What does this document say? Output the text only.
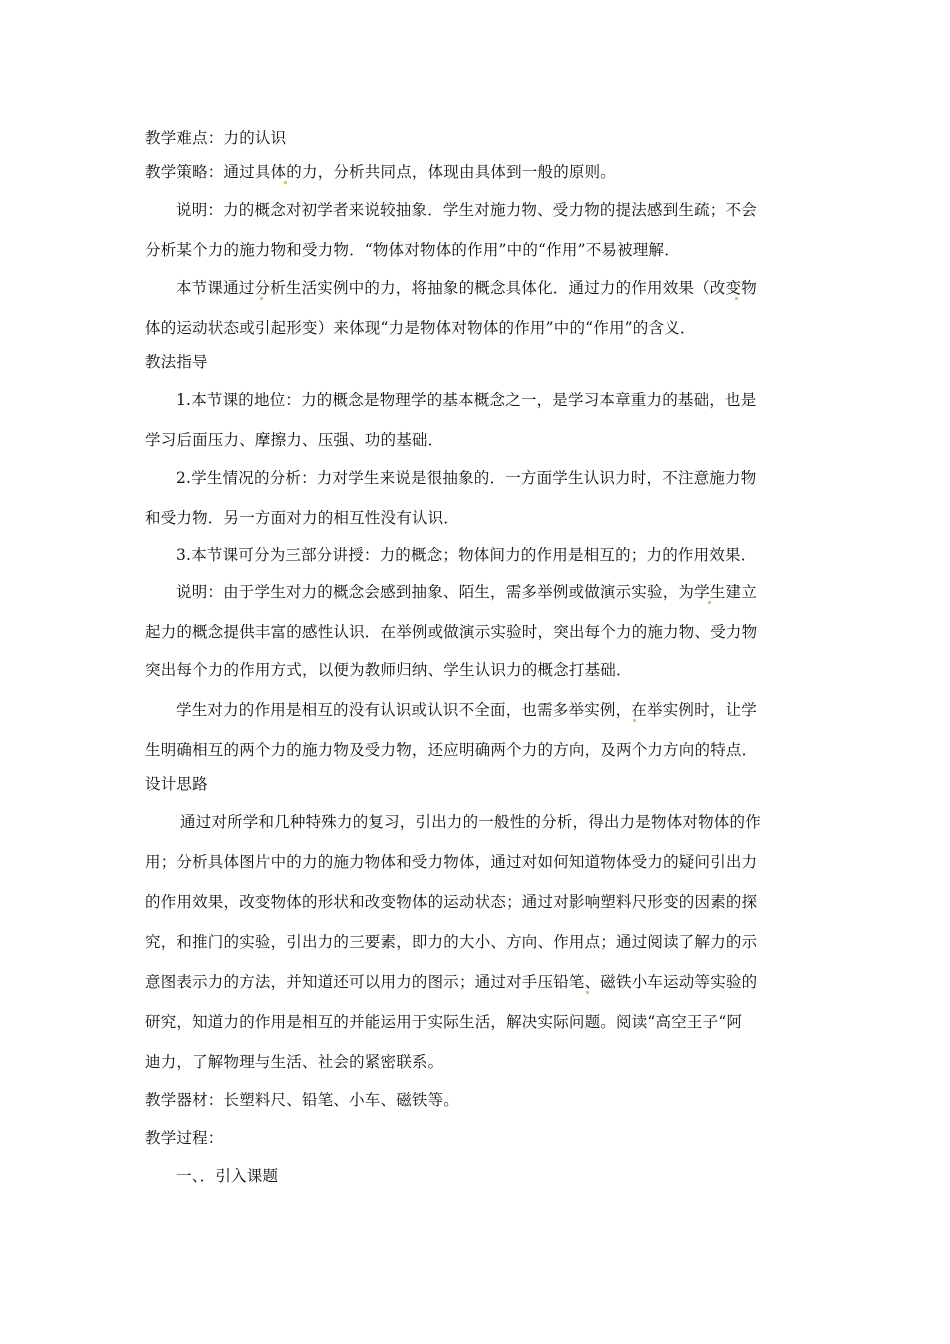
教学难点：力的认识
教学策略：通过具体的力，分析共同点，体现由具体到一般的原则。
说明：力的概念对初学者来说较抽象．学生对施力物、受力物的提法感到生疏；不会
分析某个力的施力物和受力物．“物体对物体的作用”中的“作用”不易被理解．
本节课通过分析生活实例中的力，将抽象的概念具体化．通过力的作用效果（改变物
体的运动状态或引起形变）来体现“力是物体对物体的作用”中的“作用”的含义．
教法指导
1.本节课的地位：力的概念是物理学的基本概念之一，是学习本章重力的基础，也是
学习后面压力、摩擦力、压强、功的基础．
2.学生情况的分析：力对学生来说是很抽象的．一方面学生认识力时，不注意施力物
和受力物．另一方面对力的相互性没有认识．
3.本节课可分为三部分讲授：力的概念；物体间力的作用是相互的；力的作用效果．
说明：由于学生对力的概念会感到抽象、陌生，需多举例或做演示实验，为学生建立
起力的概念提供丰富的感性认识．在举例或做演示实验时，突出每个力的施力物、受力物
突出每个力的作用方式，以便为教师归纳、学生认识力的概念打基础．
学生对力的作用是相互的没有认识或认识不全面，也需多举实例，在举实例时，让学
生明确相互的两个力的施力物及受力物，还应明确两个力的方向，及两个力方向的特点．
设计思路
通过对所学和几种特殊力的复习，引出力的一般性的分析，得出力是物体对物体的作
用；分析具体图片中的力的施力物体和受力物体，通过对如何知道物体受力的疑问引出力
的作用效果，改变物体的形状和改变物体的运动状态；通过对影响塑料尺形变的因素的探
究，和推门的实验，引出力的三要素，即力的大小、方向、作用点；通过阅读了解力的示
意图表示力的方法，并知道还可以用力的图示；通过对手压铅笔、磁铁小车运动等实验的
研究，知道力的作用是相互的并能运用于实际生活，解决实际问题。阅读“高空王子“阿
迪力，了解物理与生活、社会的紧密联系。
教学器材：长塑料尺、铅笔、小车、磁铁等。
教学过程：
一、．引入课题
